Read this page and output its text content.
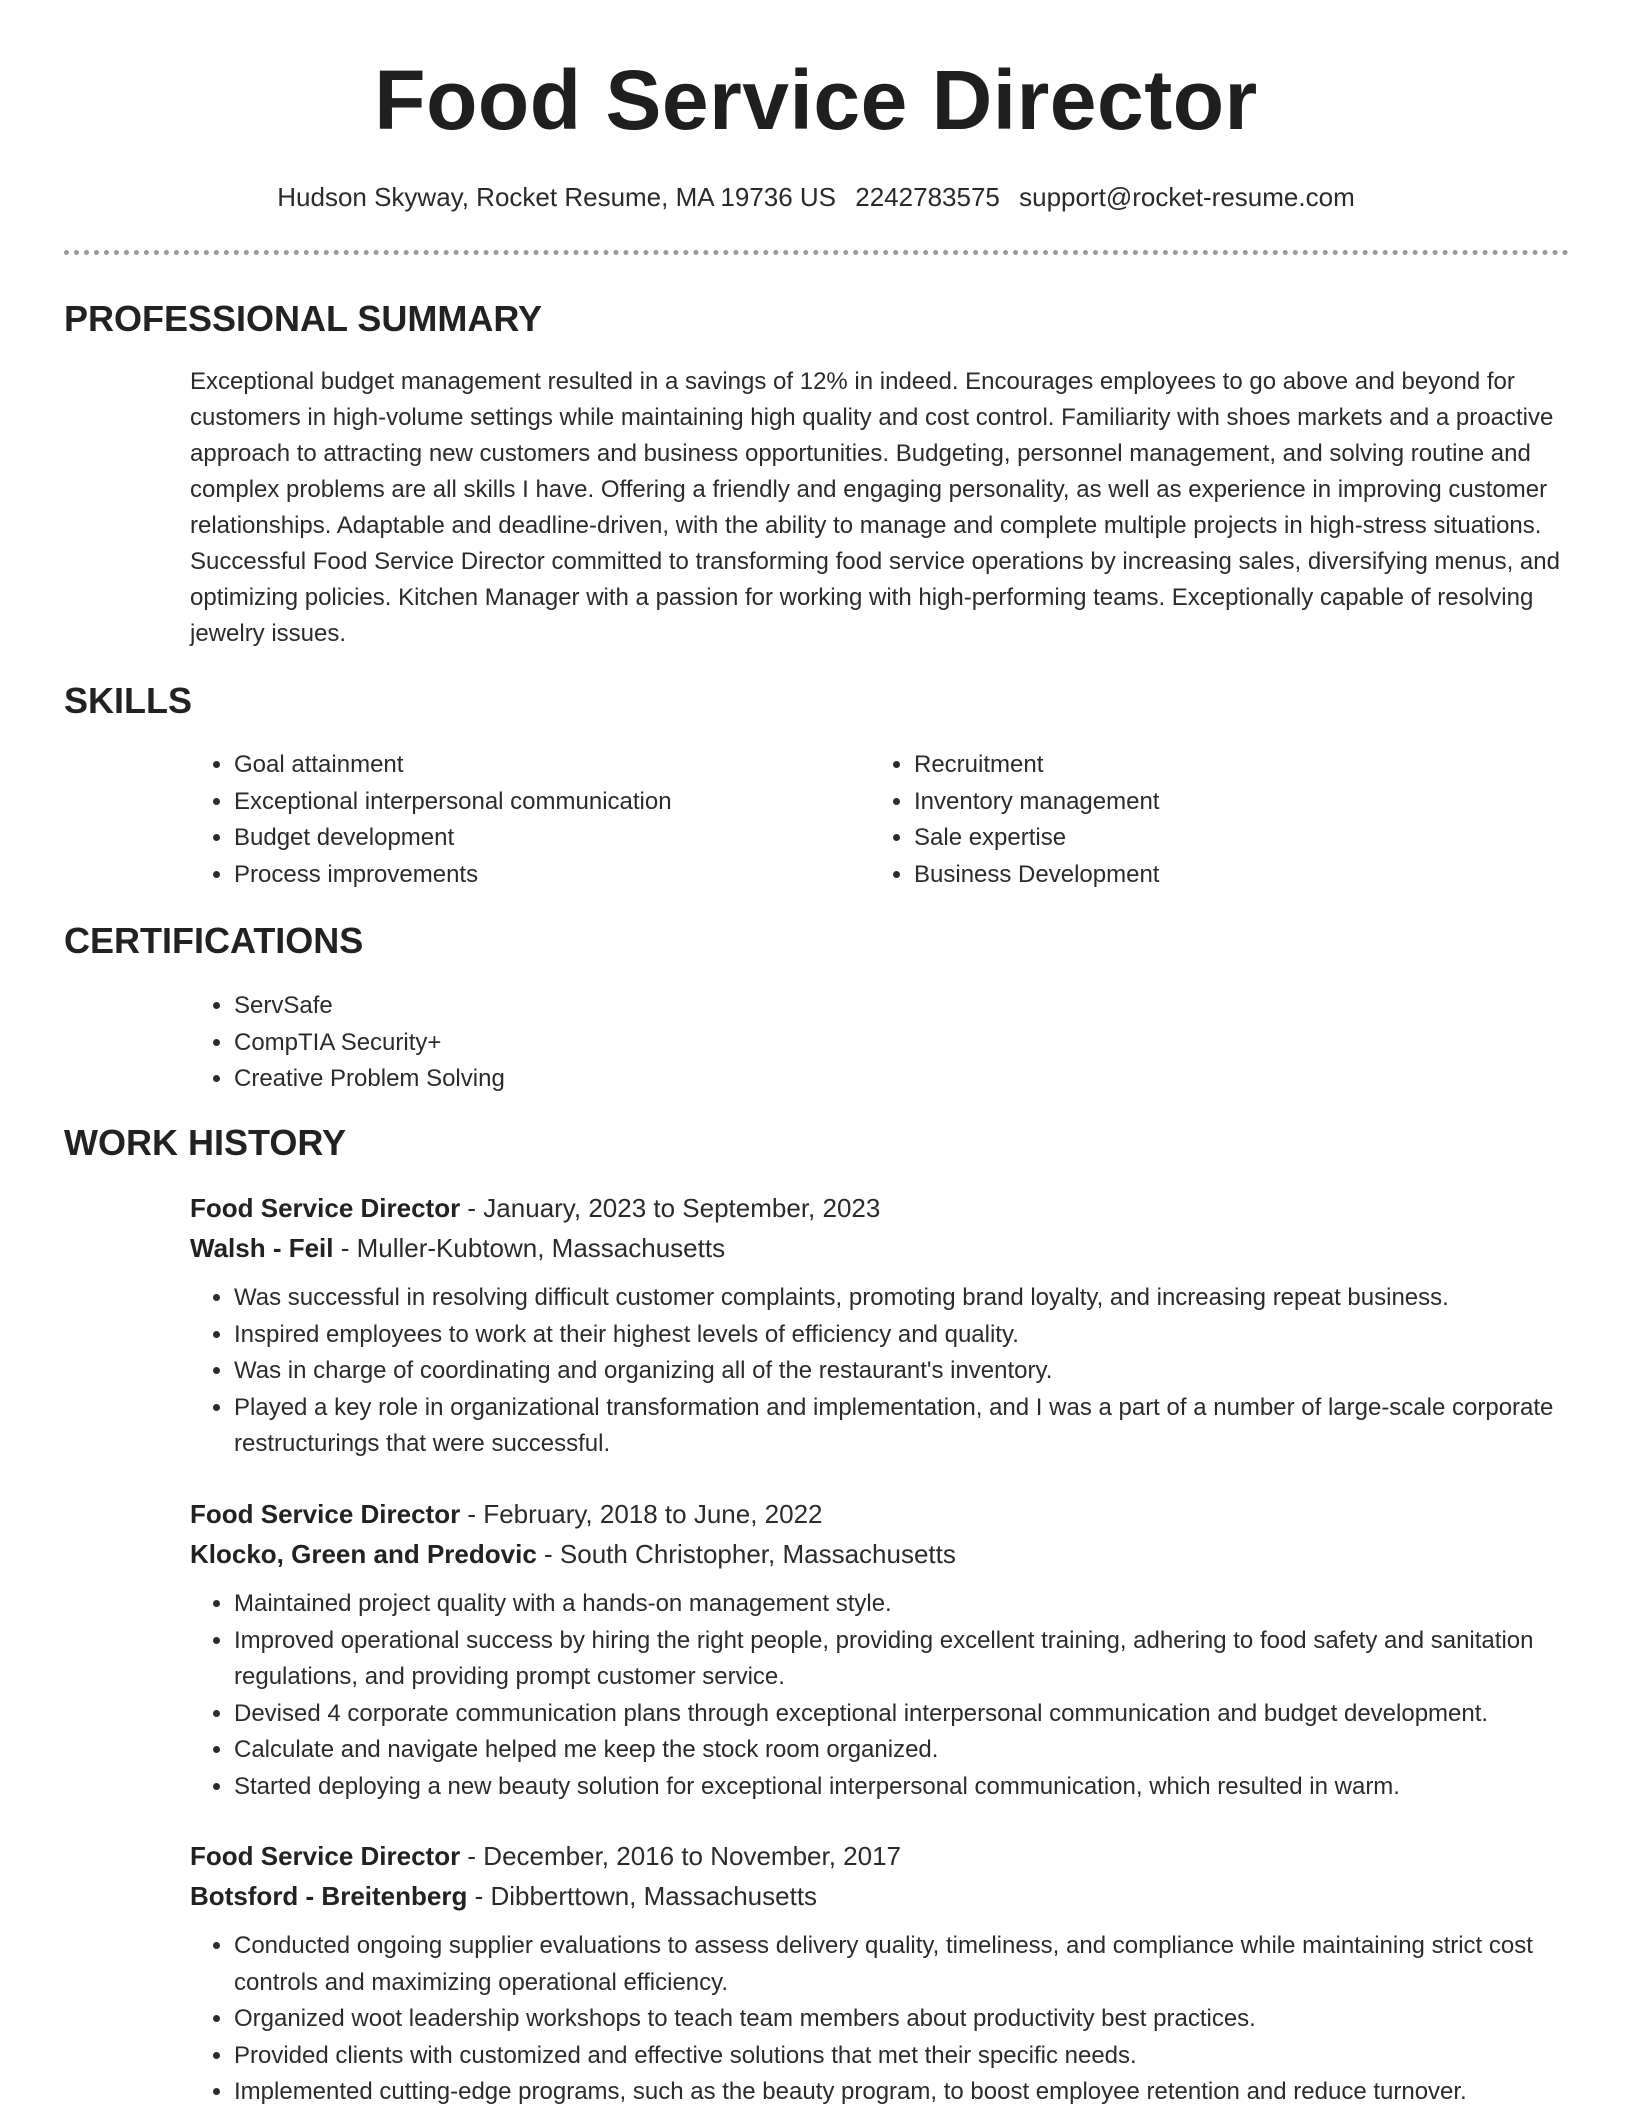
Food Service Director
Hudson Skyway, Rocket Resume, MA 19736 US 2242783575 support@rocket-resume.com
PROFESSIONAL SUMMARY
Exceptional budget management resulted in a savings of 12% in indeed. Encourages employees to go above and beyond for customers in high-volume settings while maintaining high quality and cost control. Familiarity with shoes markets and a proactive approach to attracting new customers and business opportunities. Budgeting, personnel management, and solving routine and complex problems are all skills I have. Offering a friendly and engaging personality, as well as experience in improving customer relationships. Adaptable and deadline-driven, with the ability to manage and complete multiple projects in high-stress situations. Successful Food Service Director committed to transforming food service operations by increasing sales, diversifying menus, and optimizing policies. Kitchen Manager with a passion for working with high-performing teams. Exceptionally capable of resolving jewelry issues.
SKILLS
• Goal attainment
• Exceptional interpersonal communication
• Budget development
• Process improvements
• Recruitment
• Inventory management
• Sale expertise
• Business Development
CERTIFICATIONS
• ServSafe
• CompTIA Security+
• Creative Problem Solving
WORK HISTORY
Food Service Director - January, 2023 to September, 2023
Walsh - Feil - Muller-Kubtown, Massachusetts
• Was successful in resolving difficult customer complaints, promoting brand loyalty, and increasing repeat business.
• Inspired employees to work at their highest levels of efficiency and quality.
• Was in charge of coordinating and organizing all of the restaurant's inventory.
• Played a key role in organizational transformation and implementation, and I was a part of a number of large-scale corporate restructurings that were successful.
Food Service Director - February, 2018 to June, 2022
Klocko, Green and Predovic - South Christopher, Massachusetts
• Maintained project quality with a hands-on management style.
• Improved operational success by hiring the right people, providing excellent training, adhering to food safety and sanitation regulations, and providing prompt customer service.
• Devised 4 corporate communication plans through exceptional interpersonal communication and budget development.
• Calculate and navigate helped me keep the stock room organized.
• Started deploying a new beauty solution for exceptional interpersonal communication, which resulted in warm.
Food Service Director - December, 2016 to November, 2017
Botsford - Breitenberg - Dibberttown, Massachusetts
• Conducted ongoing supplier evaluations to assess delivery quality, timeliness, and compliance while maintaining strict cost controls and maximizing operational efficiency.
• Organized woot leadership workshops to teach team members about productivity best practices.
• Provided clients with customized and effective solutions that met their specific needs.
• Implemented cutting-edge programs, such as the beauty program, to boost employee retention and reduce turnover.
